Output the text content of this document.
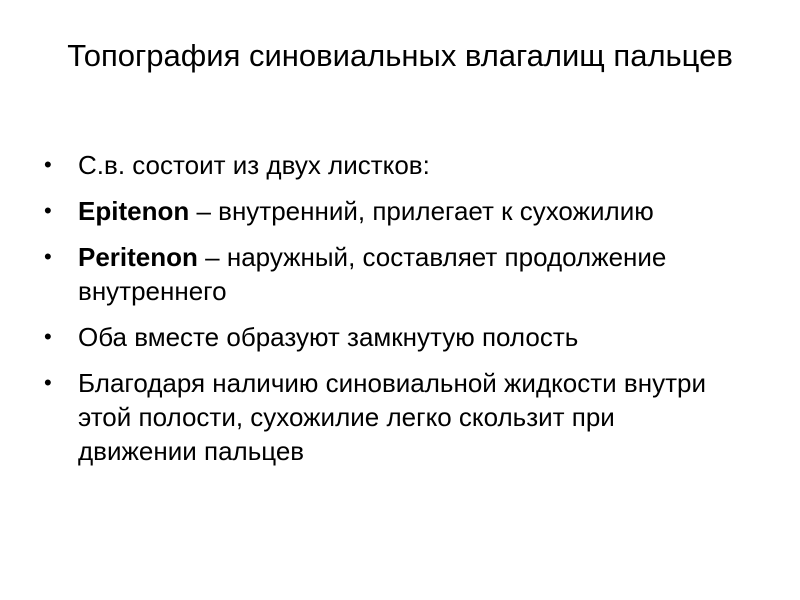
Топография синовиальных влагалищ пальцев
• С.в. состоит из двух листков:
• Epitenon – внутренний, прилегает к сухожилию
• Peritenon – наружный, составляет продолжение внутреннего
• Оба вместе образуют замкнутую полость
• Благодаря наличию синовиальной жидкости внутри этой полости, сухожилие легко скользит при движении пальцев
